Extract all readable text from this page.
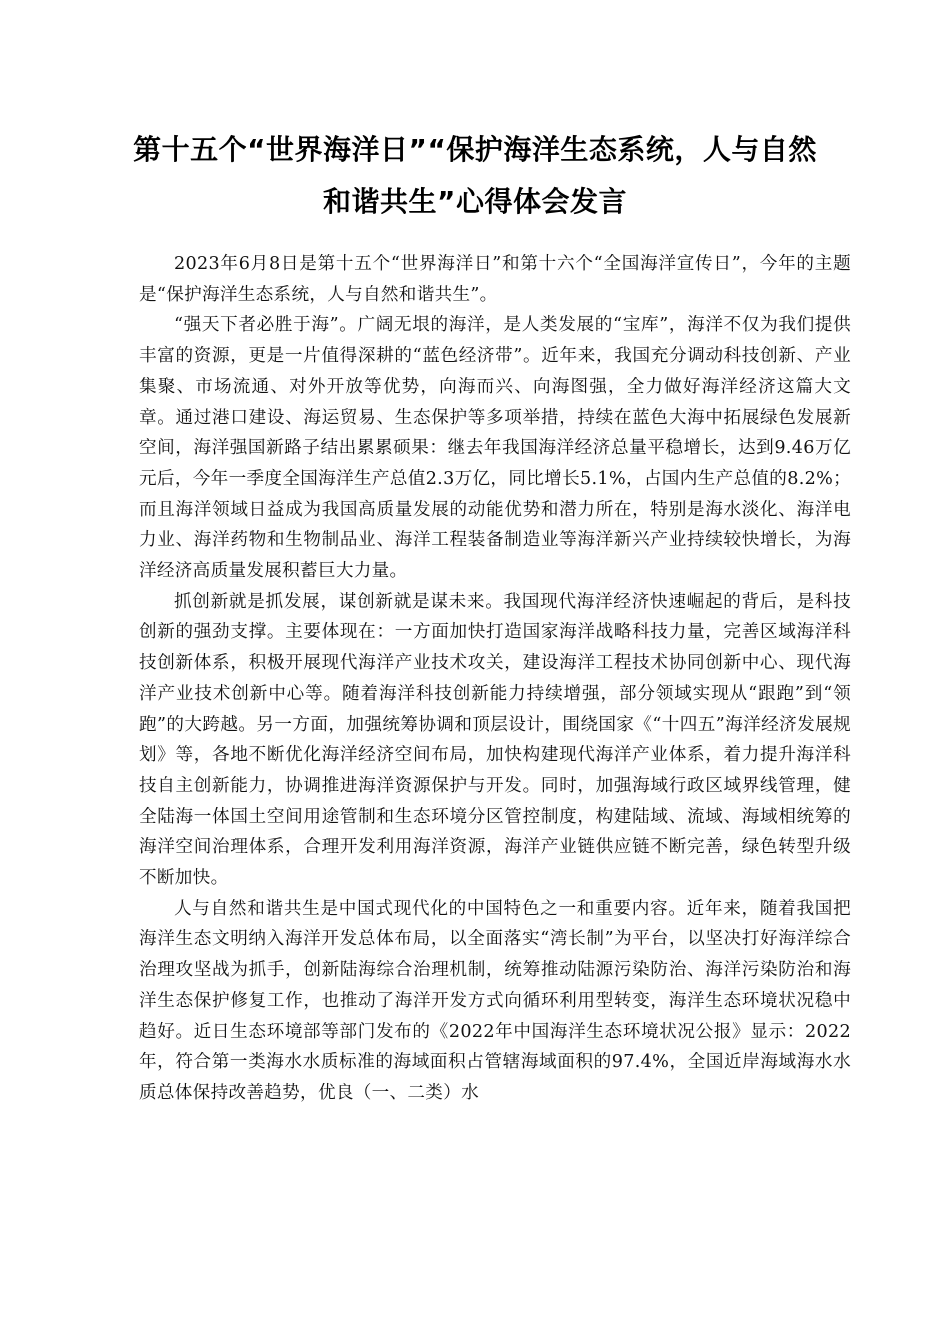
第十五个“世界海洋日”“保护海洋生态系统，人与自然和谐共生”心得体会发言

2023年6月8日是第十五个“世界海洋日”和第十六个“全国海洋宣传日”，今年的主题是“保护海洋生态系统，人与自然和谐共生”。

“强天下者必胜于海”。广阔无垠的海洋，是人类发展的“宝库”，海洋不仅为我们提供丰富的资源，更是一片值得深耕的“蓝色经济带”。近年来，我国充分调动科技创新、产业集聚、市场流通、对外开放等优势，向海而兴、向海图强，全力做好海洋经济这篇大文章。通过港口建设、海运贸易、生态保护等多项举措，持续在蓝色大海中拓展绿色发展新空间，海洋强国新路子结出累累硕果：继去年我国海洋经济总量平稳增长，达到9.46万亿元后，今年一季度全国海洋生产总值2.3万亿，同比增长5.1%，占国内生产总值的8.2%；而且海洋领域日益成为我国高质量发展的动能优势和潜力所在，特别是海水淡化、海洋电力业、海洋药物和生物制品业、海洋工程装备制造业等海洋新兴产业持续较快增长，为海洋经济高质量发展积蓄巨大力量。

抓创新就是抓发展，谋创新就是谋未来。我国现代海洋经济快速崛起的背后，是科技创新的强劲支撑。主要体现在：一方面加快打造国家海洋战略科技力量，完善区域海洋科技创新体系，积极开展现代海洋产业技术攻关，建设海洋工程技术协同创新中心、现代海洋产业技术创新中心等。随着海洋科技创新能力持续增强，部分领域实现从“跟跑”到“领跑”的大跨越。另一方面，加强统筹协调和顶层设计，围绕国家《“十四五”海洋经济发展规划》等，各地不断优化海洋经济空间布局，加快构建现代海洋产业体系，着力提升海洋科技自主创新能力，协调推进海洋资源保护与开发。同时，加强海域行政区域界线管理，健全陆海一体国土空间用途管制和生态环境分区管控制度，构建陆域、流域、海域相统筹的海洋空间治理体系，合理开发利用海洋资源，海洋产业链供应链不断完善，绿色转型升级不断加快。

人与自然和谐共生是中国式现代化的中国特色之一和重要内容。近年来，随着我国把海洋生态文明纳入海洋开发总体布局，以全面落实“湾长制”为平台，以坚决打好海洋综合治理攻坚战为抓手，创新陆海综合治理机制，统筹推动陆源污染防治、海洋污染防治和海洋生态保护修复工作，也推动了海洋开发方式向循环利用型转变，海洋生态环境状况稳中趋好。近日生态环境部等部门发布的《2022年中国海洋生态环境状况公报》显示：2022年，符合第一类海水水质标准的海域面积占管辖海域面积的97.4%，全国近岸海域海水水质总体保持改善趋势，优良（一、二类）水
